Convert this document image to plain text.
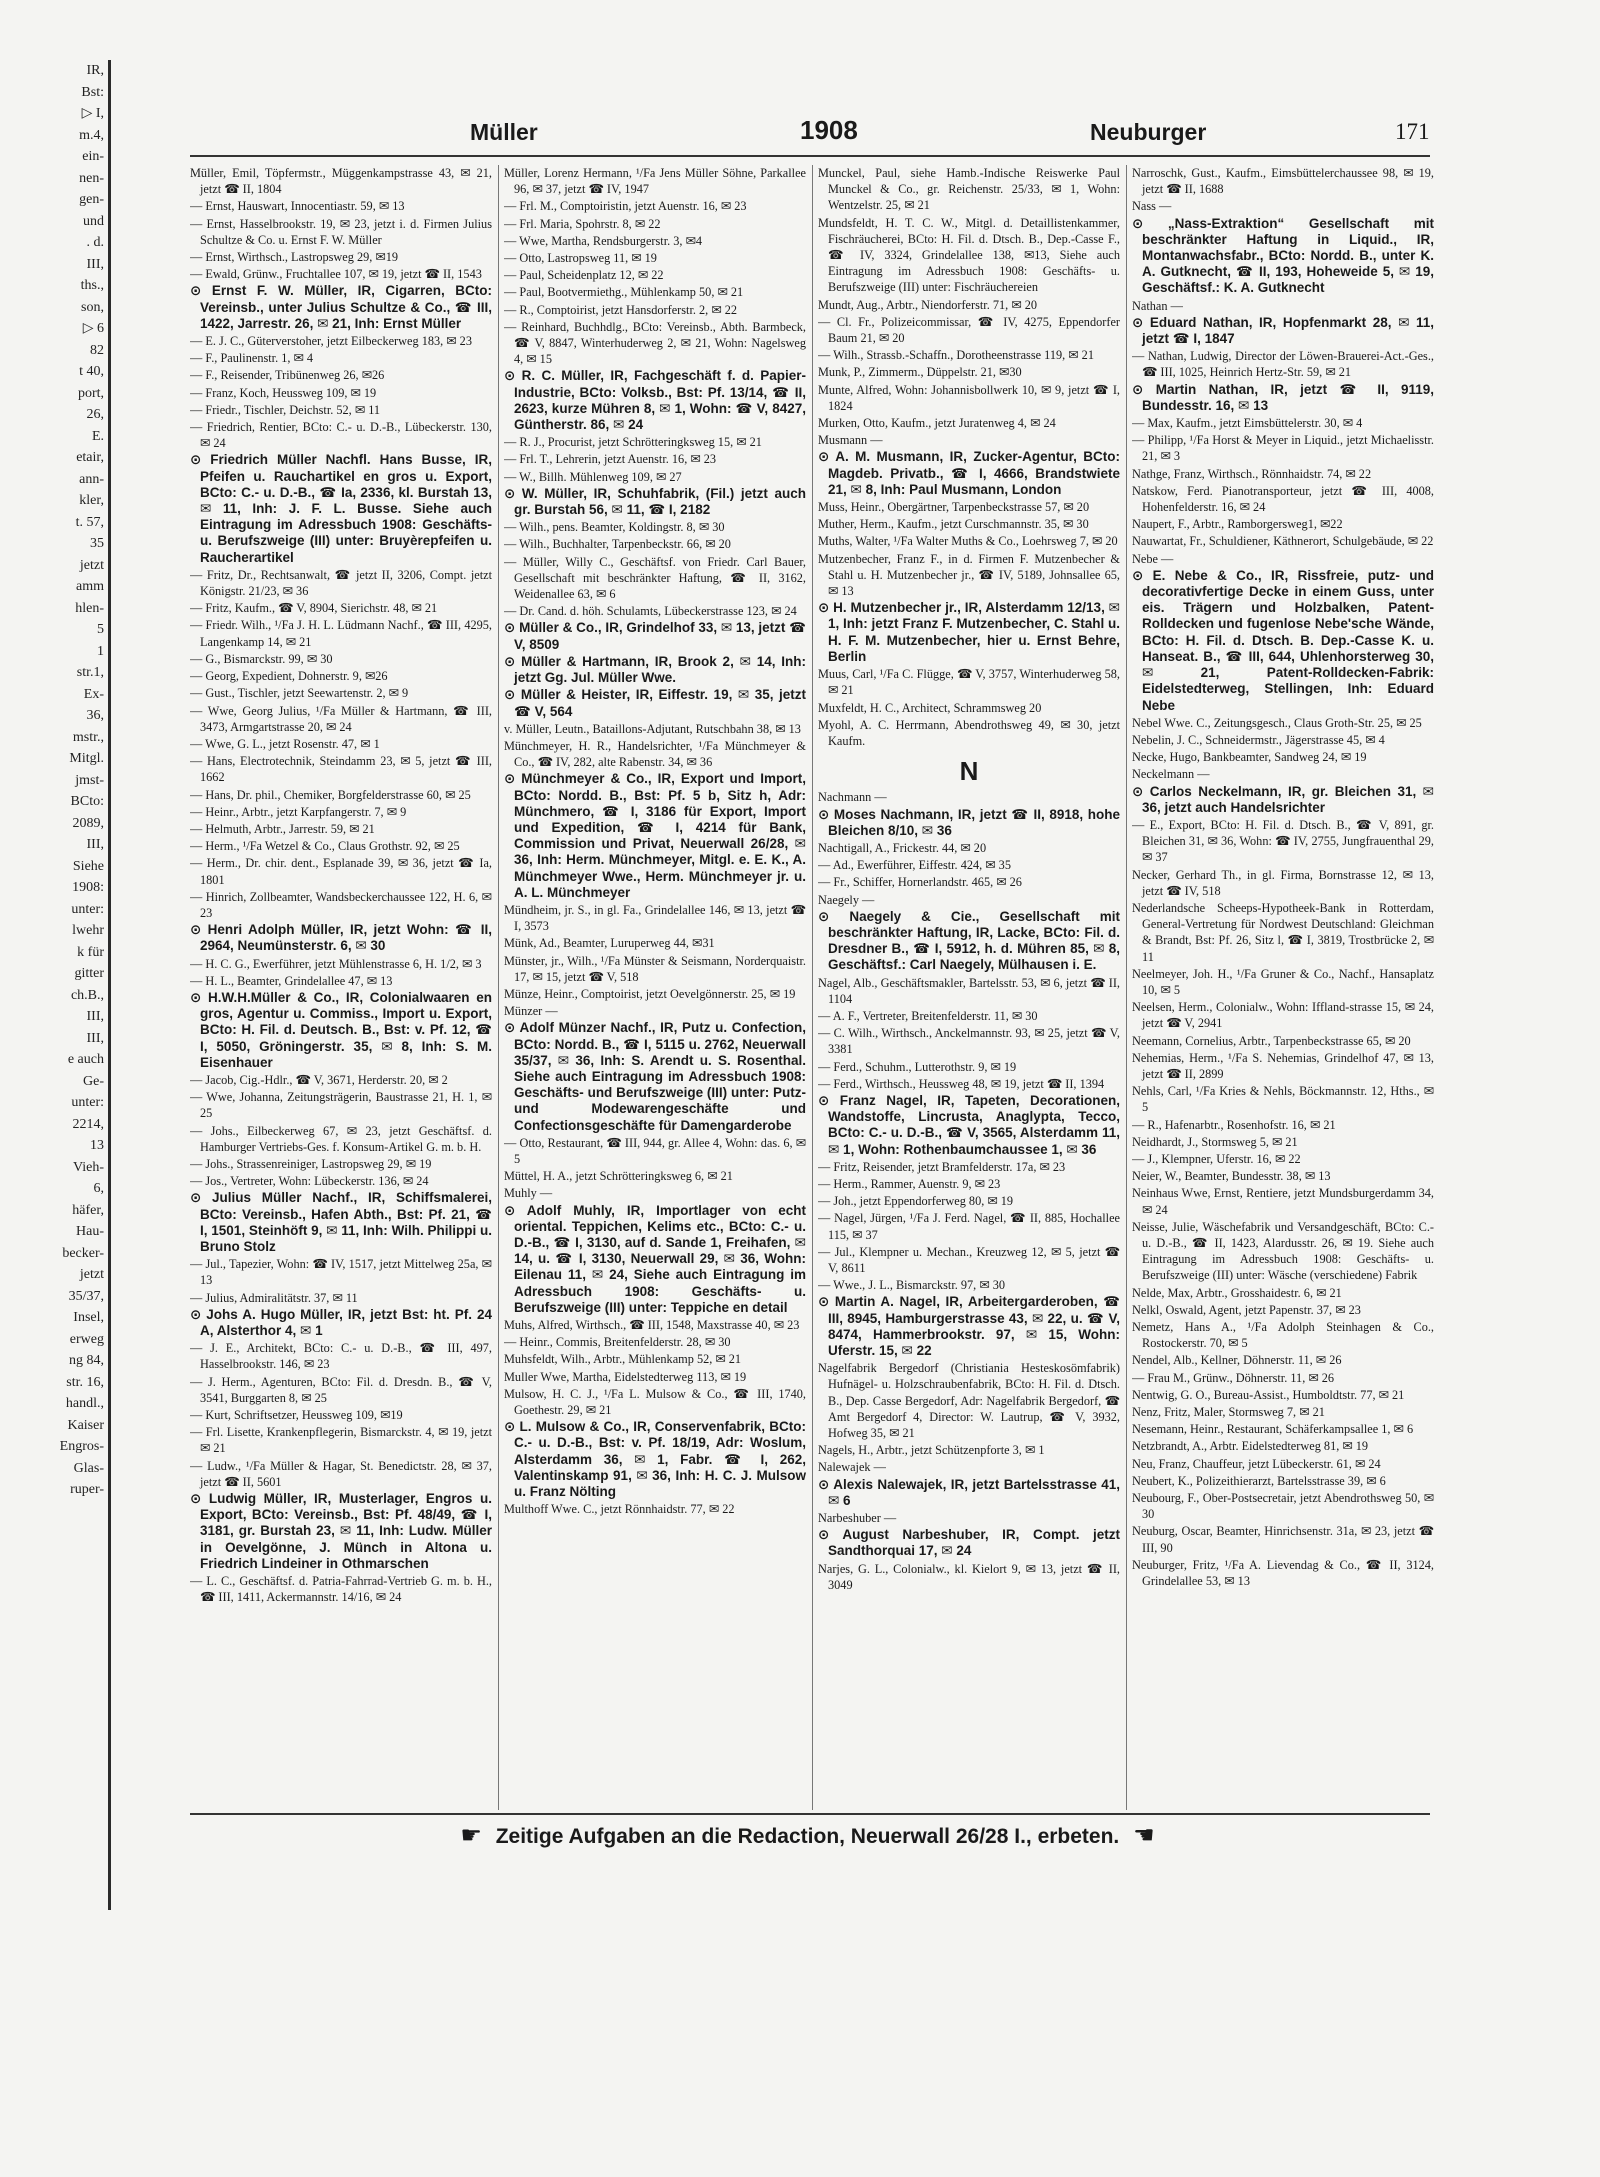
IR,
Bst:
▷ I,
m.4,
ein-
nen-
gen-
und
. d.
III,
ths.,
son,
▷ 6
82
t 40,
port,
26,
E.
etair,
ann-
kler,
t. 57,
35
jetzt
amm
hlen-
5
1
str.1,
Ex-
36,
mstr.,
Mitgl.
jmst-
BCto:
2089,
III,
Siehe
1908:
unter:
lwehr
k für
gitter
ch.B.,
III,
III,
e auch
Ge-
unter:
2214,
13
Vieh-
6,
häfer,
Hau-
becker-
jetzt
35/37,
Insel,
erweg
ng 84,
str. 16,
handl.,
Kaiser
Engros-
Glas-
ruper-
Müller	1908	Neuburger	171
Müller, Emil, Töpfermstr., Müggenkampstrasse 43, ✉ 21, jetzt ☎ II, 1804
— Ernst, Hauswart, Innocentiastr. 59, ✉ 13
— Ernst, Hasselbrookstr. 19, ✉ 23, jetzt i. d. Firmen Julius Schultze & Co. u. Ernst F. W. Müller
— Ernst, Wirthsch., Lastropsweg 29, ✉19
— Ewald, Grünw., Fruchtallee 107, ✉ 19, jetzt ☎ II, 1543
⊙ Ernst F. W. Müller, IR, Cigarren, BCto: Vereinsb., unter Julius Schultze & Co., ☎ III, 1422, Jarrestr. 26, ✉ 21, Inh: Ernst Müller
— E. J. C., Güterverstoher, jetzt Eilbeckerweg 183, ✉ 23
— F., Paulinenstr. 1, ✉ 4
— F., Reisender, Tribünenweg 26, ✉26
— Franz, Koch, Heussweg 109, ✉ 19
— Friedr., Tischler, Deichstr. 52, ✉ 11
— Friedrich, Rentier, BCto: C.- u. D.-B., Lübeckerstr. 130, ✉ 24
⊙ Friedrich Müller Nachfl. Hans Busse, IR, Pfeifen u. Rauchartikel en gros u. Export, BCto: C.- u. D.-B., ☎ Ia, 2336, kl. Burstah 13, ✉ 11, Inh: J. F. L. Busse. Siehe auch Eintragung im Adressbuch 1908: Geschäfts- u. Berufszweige (III) unter: Bruyèrepfeifen u. Raucherartikel
— Fritz, Dr., Rechtsanwalt, ☎ jetzt II, 3206, Compt. jetzt Königstr. 21/23, ✉ 36
— Fritz, Kaufm., ☎ V, 8904, Sierichstr. 48, ✉ 21
— Friedr. Wilh., ¹/Fa J. H. L. Lüdmann Nachf., ☎ III, 4295, Langenkamp 14, ✉ 21
— G., Bismarckstr. 99, ✉ 30
— Georg, Expedient, Dohnerstr. 9, ✉26
— Gust., Tischler, jetzt Seewartenstr. 2, ✉ 9
— Wwe, Georg Julius, ¹/Fa Müller & Hartmann, ☎ III, 3473, Armgartstrasse 20, ✉ 24
— Wwe, G. L., jetzt Rosenstr. 47, ✉ 1
— Hans, Electrotechnik, Steindamm 23, ✉ 5, jetzt ☎ III, 1662
— Hans, Dr. phil., Chemiker, Borgfelderstrasse 60, ✉ 25
— Heinr., Arbtr., jetzt Karpfangerstr. 7, ✉ 9
— Helmuth, Arbtr., Jarrestr. 59, ✉ 21
— Herm., ¹/Fa Wetzel & Co., Claus Grothstr. 92, ✉ 25
— Herm., Dr. chir. dent., Esplanade 39, ✉ 36, jetzt ☎ Ia, 1801
— Hinrich, Zollbeamter, Wandsbeckerchaussee 122, H. 6, ✉ 23
⊙ Henri Adolph Müller, IR, jetzt Wohn: ☎ II, 2964, Neumünsterstr. 6, ✉ 30
— H. C. G., Ewerführer, jetzt Mühlenstrasse 6, H. 1/2, ✉ 3
— H. L., Beamter, Grindelallee 47, ✉ 13
⊙ H.W.H.Müller & Co., IR, Colonialwaaren en gros, Agentur u. Commiss., Import u. Export, BCto: H. Fil. d. Deutsch. B., Bst: v. Pf. 12, ☎ I, 5050, Gröningerstr. 35, ✉ 8, Inh: S. M. Eisenhauer
— Jacob, Cig.-Hdlr., ☎ V, 3671, Herderstr. 20, ✉ 2
— Wwe, Johanna, Zeitungsträgerin, Baustrasse 21, H. 1, ✉ 25
— Johs., Eilbeckerweg 67, ✉ 23, jetzt Geschäftsf. d. Hamburger Vertriebs-Ges. f. Konsum-Artikel G. m. b. H.
— Johs., Strassenreiniger, Lastropsweg 29, ✉ 19
— Jos., Vertreter, Wohn: Lübeckerstr. 136, ✉ 24
⊙ Julius Müller Nachf., IR, Schiffsmalerei, BCto: Vereinsb., Hafen Abth., Bst: Pf. 21, ☎ I, 1501, Steinhöft 9, ✉ 11, Inh: Wilh. Philippi u. Bruno Stolz
— Jul., Tapezier, Wohn: ☎ IV, 1517, jetzt Mittelweg 25a, ✉ 13
— Julius, Admiralitätstr. 37, ✉ 11
⊙ Johs A. Hugo Müller, IR, jetzt Bst: ht. Pf. 24 A, Alsterthor 4, ✉ 1
— J. E., Architekt, BCto: C.- u. D.-B., ☎ III, 497, Hasselbrookstr. 146, ✉ 23
— J. Herm., Agenturen, BCto: Fil. d. Dresdn. B., ☎ V, 3541, Burggarten 8, ✉ 25
— Kurt, Schriftsetzer, Heussweg 109, ✉19
— Frl. Lisette, Krankenpflegerin, Bismarckstr. 4, ✉ 19, jetzt ✉ 21
— Ludw., ¹/Fa Müller & Hagar, St. Benedictstr. 28, ✉ 37, jetzt ☎ II, 5601
⊙ Ludwig Müller, IR, Musterlager, Engros u. Export, BCto: Vereinsb., Bst: Pf. 48/49, ☎ I, 3181, gr. Burstah 23, ✉ 11, Inh: Ludw. Müller in Oevelgönne, J. Münch in Altona u. Friedrich Lindeiner in Othmarschen
— L. C., Geschäftsf. d. Patria-Fahrrad-Vertrieb G. m. b. H., ☎ III, 1411, Ackermannstr. 14/16, ✉ 24
Müller, Lorenz Hermann, ¹/Fa Jens Müller Söhne, Parkallee 96, ✉ 37, jetzt ☎ IV, 1947
— Frl. M., Comptoiristin, jetzt Auenstr. 16, ✉ 23
— Frl. Maria, Spohrstr. 8, ✉ 22
— Wwe, Martha, Rendsburgerstr. 3, ✉4
— Otto, Lastropsweg 11, ✉ 19
— Paul, Scheidenplatz 12, ✉ 22
— Paul, Bootvermiethg., Mühlenkamp 50, ✉ 21
— R., Comptoirist, jetzt Hansdorferstr. 2, ✉ 22
— Reinhard, Buchhdlg., BCto: Vereinsb., Abth. Barmbeck, ☎ V, 8847, Winterhuderweg 2, ✉ 21, Wohn: Nagelsweg 4, ✉ 15
⊙ R. C. Müller, IR, Fachgeschäft f. d. Papier-Industrie, BCto: Volksb., Bst: Pf. 13/14, ☎ II, 2623, kurze Mühren 8, ✉ 1, Wohn: ☎ V, 8427, Güntherstr. 86, ✉ 24
— R. J., Procurist, jetzt Schrötteringksweg 15, ✉ 21
— Frl. T., Lehrerin, jetzt Auenstr. 16, ✉ 23
— W., Billh. Mühlenweg 109, ✉ 27
⊙ W. Müller, IR, Schuhfabrik, (Fil.) jetzt auch gr. Burstah 56, ✉ 11, ☎ I, 2182
— Wilh., pens. Beamter, Koldingstr. 8, ✉ 30
— Wilh., Buchhalter, Tarpenbeckstr. 66, ✉ 20
— Müller, Willy C., Geschäftsf. von Friedr. Carl Bauer, Gesellschaft mit beschränkter Haftung, ☎ II, 3162, Weidenallee 63, ✉ 6
— Dr. Cand. d. höh. Schulamts, Lübeckerstrasse 123, ✉ 24
⊙ Müller & Co., IR, Grindelhof 33, ✉ 13, jetzt ☎ V, 8509
⊙ Müller & Hartmann, IR, Brook 2, ✉ 14, Inh: jetzt Gg. Jul. Müller Wwe.
⊙ Müller & Heister, IR, Eiffestr. 19, ✉ 35, jetzt ☎ V, 564
v. Müller, Leutn., Bataillons-Adjutant, Rutschbahn 38, ✉ 13
Münchmeyer, H. R., Handelsrichter, ¹/Fa Münchmeyer & Co., ☎ IV, 282, alte Rabenstr. 34, ✉ 36
⊙ Münchmeyer & Co., IR, Export und Import, BCto: Nordd. B., Bst: Pf. 5 b, Sitz h, Adr: Münchmero, ☎ I, 3186 für Export, Import und Expedition, ☎ I, 4214 für Bank, Commission und Privat, Neuerwall 26/28, ✉ 36, Inh: Herm. Münchmeyer, Mitgl. e. E. K., A. Münchmeyer Wwe., Herm. Münchmeyer jr. u. A. L. Münchmeyer
Mündheim, jr. S., in gl. Fa., Grindelallee 146, ✉ 13, jetzt ☎ I, 3573
Münk, Ad., Beamter, Luruperweg 44, ✉31
Münster, jr., Wilh., ¹/Fa Münster & Seismann, Norderquaistr. 17, ✉ 15, jetzt ☎ V, 518
Münze, Heinr., Comptoirist, jetzt Oevelgönnerstr. 25, ✉ 19
Münzer —
⊙ Adolf Münzer Nachf., IR, Putz u. Confection, BCto: Nordd. B., ☎ I, 5115 u. 2762, Neuerwall 35/37, ✉ 36, Inh: S. Arendt u. S. Rosenthal. Siehe auch Eintragung im Adressbuch 1908: Geschäfts- und Berufszweige (III) unter: Putz- und Modewarengeschäfte und Confectionsgeschäfte für Damengarderobe
— Otto, Restaurant, ☎ III, 944, gr. Allee 4, Wohn: das. 6, ✉ 5
Müttel, H. A., jetzt Schrötteringksweg 6, ✉ 21
Muhly —
⊙ Adolf Muhly, IR, Importlager von echt oriental. Teppichen, Kelims etc., BCto: C.- u. D.-B., ☎ I, 3130, auf d. Sande 1, Freihafen, ✉ 14, u. ☎ I, 3130, Neuerwall 29, ✉ 36, Wohn: Eilenau 11, ✉ 24, Siehe auch Eintragung im Adressbuch 1908: Geschäfts- u. Berufszweige (III) unter: Teppiche en detail
Muhs, Alfred, Wirthsch., ☎ III, 1548, Maxstrasse 40, ✉ 23
— Heinr., Commis, Breitenfelderstr. 28, ✉ 30
Muhsfeldt, Wilh., Arbtr., Mühlenkamp 52, ✉ 21
Muller Wwe, Martha, Eidelstedterweg 113, ✉ 19
Mulsow, H. C. J., ¹/Fa L. Mulsow & Co., ☎ III, 1740, Goethestr. 29, ✉ 21
⊙ L. Mulsow & Co., IR, Conservenfabrik, BCto: C.- u. D.-B., Bst: v. Pf. 18/19, Adr: Woslum, Alsterdamm 36, ✉ 1, Fabr. ☎ I, 262, Valentinskamp 91, ✉ 36, Inh: H. C. J. Mulsow u. Franz Nölting
Multhoff Wwe. C., jetzt Rönnhaidstr. 77, ✉ 22
Munckel, Paul, siehe Hamb.-Indische Reiswerke Paul Munckel & Co., gr. Reichenstr. 25/33, ✉ 1, Wohn: Wentzelstr. 25, ✉ 21
Mundsfeldt, H. T. C. W., Mitgl. d. Detaillistenkammer, Fischräucherei, BCto: H. Fil. d. Dtsch. B., Dep.-Casse F., ☎ IV, 3324, Grindelallee 138, ✉13, Siehe auch Eintragung im Adressbuch 1908: Geschäfts- u. Berufszweige (III) unter: Fischräuchereien
Mundt, Aug., Arbtr., Niendorferstr. 71, ✉ 20
— Cl. Fr., Polizeicommissar, ☎ IV, 4275, Eppendorfer Baum 21, ✉ 20
— Wilh., Strassb.-Schaffn., Dorotheenstrasse 119, ✉ 21
Munk, P., Zimmerm., Düppelstr. 21, ✉30
Munte, Alfred, Wohn: Johannisbollwerk 10, ✉ 9, jetzt ☎ I, 1824
Murken, Otto, Kaufm., jetzt Juratenweg 4, ✉ 24
Musmann —
⊙ A. M. Musmann, IR, Zucker-Agentur, BCto: Magdeb. Privatb., ☎ I, 4666, Brandstwiete 21, ✉ 8, Inh: Paul Musmann, London
Muss, Heinr., Obergärtner, Tarpenbeckstrasse 57, ✉ 20
Muther, Herm., Kaufm., jetzt Curschmannstr. 35, ✉ 30
Muths, Walter, ¹/Fa Walter Muths & Co., Loehrsweg 7, ✉ 20
Mutzenbecher, Franz F., in d. Firmen F. Mutzenbecher & Stahl u. H. Mutzenbecher jr., ☎ IV, 5189, Johnsallee 65, ✉ 13
⊙ H. Mutzenbecher jr., IR, Alsterdamm 12/13, ✉ 1, Inh: jetzt Franz F. Mutzenbecher, C. Stahl u. H. F. M. Mutzenbecher, hier u. Ernst Behre, Berlin
Muus, Carl, ¹/Fa C. Flügge, ☎ V, 3757, Winterhuderweg 58, ✉ 21
Muxfeldt, H. C., Architect, Schrammsweg 20
Myohl, A. C. Herrmann, Abendrothsweg 49, ✉ 30, jetzt Kaufm.
N
Nachmann —
⊙ Moses Nachmann, IR, jetzt ☎ II, 8918, hohe Bleichen 8/10, ✉ 36
Nachtigall, A., Frickestr. 44, ✉ 20
— Ad., Ewerführer, Eiffestr. 424, ✉ 35
— Fr., Schiffer, Hornerlandstr. 465, ✉ 26
Naegely —
⊙ Naegely & Cie., Gesellschaft mit beschränkter Haftung, IR, Lacke, BCto: Fil. d. Dresdner B., ☎ I, 5912, h. d. Mühren 85, ✉ 8, Geschäftsf.: Carl Naegely, Mülhausen i. E.
Nagel, Alb., Geschäftsmakler, Bartelsstr. 53, ✉ 6, jetzt ☎ II, 1104
— A. F., Vertreter, Breitenfelderstr. 11, ✉ 30
— C. Wilh., Wirthsch., Anckelmannstr. 93, ✉ 25, jetzt ☎ V, 3381
— Ferd., Schuhm., Lutterothstr. 9, ✉ 19
— Ferd., Wirthsch., Heussweg 48, ✉ 19, jetzt ☎ II, 1394
⊙ Franz Nagel, IR, Tapeten, Decorationen, Wandstoffe, Lincrusta, Anaglypta, Tecco, BCto: C.- u. D.-B., ☎ V, 3565, Alsterdamm 11, ✉ 1, Wohn: Rothenbaumchaussee 1, ✉ 36
— Fritz, Reisender, jetzt Bramfelderstr. 17a, ✉ 23
— Herm., Rammer, Auenstr. 9, ✉ 23
— Joh., jetzt Eppendorferweg 80, ✉ 19
— Nagel, Jürgen, ¹/Fa J. Ferd. Nagel, ☎ II, 885, Hochallee 115, ✉ 37
— Jul., Klempner u. Mechan., Kreuzweg 12, ✉ 5, jetzt ☎ V, 8611
— Wwe., J. L., Bismarckstr. 97, ✉ 30
⊙ Martin A. Nagel, IR, Arbeitergarderoben, ☎ III, 8945, Hamburgerstrasse 43, ✉ 22, u. ☎ V, 8474, Hammerbrookstr. 97, ✉ 15, Wohn: Uferstr. 15, ✉ 22
Nagelfabrik Bergedorf (Christiania Hesteskosömfabrik) Hufnägel- u. Holzschraubenfabrik, BCto: H. Fil. d. Dtsch. B., Dep. Casse Bergedorf, Adr: Nagelfabrik Bergedorf, ☎ Amt Bergedorf 4, Director: W. Lautrup, ☎ V, 3932, Hofweg 35, ✉ 21
Nagels, H., Arbtr., jetzt Schützenpforte 3, ✉ 1
Nalewajek —
⊙ Alexis Nalewajek, IR, jetzt Bartelsstrasse 41, ✉ 6
Narbeshuber —
⊙ August Narbeshuber, IR, Compt. jetzt Sandthorquai 17, ✉ 24
Narjes, G. L., Colonialw., kl. Kielort 9, ✉ 13, jetzt ☎ II, 3049
Narroschk, Gust., Kaufm., Eimsbüttelerchaussee 98, ✉ 19, jetzt ☎ II, 1688
Nass —
⊙ „Nass-Extraktion“ Gesellschaft mit beschränkter Haftung in Liquid., IR, Montanwachsfabr., BCto: Nordd. B., unter K. A. Gutknecht, ☎ II, 193, Hoheweide 5, ✉ 19, Geschäftsf.: K. A. Gutknecht
Nathan —
⊙ Eduard Nathan, IR, Hopfenmarkt 28, ✉ 11, jetzt ☎ I, 1847
— Nathan, Ludwig, Director der Löwen-Brauerei-Act.-Ges., ☎ III, 1025, Heinrich Hertz-Str. 59, ✉ 21
⊙ Martin Nathan, IR, jetzt ☎ II, 9119, Bundesstr. 16, ✉ 13
— Max, Kaufm., jetzt Eimsbüttelerstr. 30, ✉ 4
— Philipp, ¹/Fa Horst & Meyer in Liquid., jetzt Michaelisstr. 21, ✉ 3
Nathge, Franz, Wirthsch., Rönnhaidstr. 74, ✉ 22
Natskow, Ferd. Pianotransporteur, jetzt ☎ III, 4008, Hohenfelderstr. 16, ✉ 24
Naupert, F., Arbtr., Ramborgersweg1, ✉22
Nauwartat, Fr., Schuldiener, Käthnerort, Schulgebäude, ✉ 22
Nebe —
⊙ E. Nebe & Co., IR, Rissfreie, putz- und decorativfertige Decke in einem Guss, unter eis. Trägern und Holzbalken, Patent-Rolldecken und fugenlose Nebe'sche Wände, BCto: H. Fil. d. Dtsch. B. Dep.-Casse K. u. Hanseat. B., ☎ III, 644, Uhlenhorsterweg 30, ✉ 21, Patent-Rolldecken-Fabrik: Eidelstedterweg, Stellingen, Inh: Eduard Nebe
Nebel Wwe. C., Zeitungsgesch., Claus Groth-Str. 25, ✉ 25
Nebelin, J. C., Schneidermstr., Jägerstrasse 45, ✉ 4
Necke, Hugo, Bankbeamter, Sandweg 24, ✉ 19
Neckelmann —
⊙ Carlos Neckelmann, IR, gr. Bleichen 31, ✉ 36, jetzt auch Handelsrichter
— E., Export, BCto: H. Fil. d. Dtsch. B., ☎ V, 891, gr. Bleichen 31, ✉ 36, Wohn: ☎ IV, 2755, Jungfrauenthal 29, ✉ 37
Necker, Gerhard Th., in gl. Firma, Bornstrasse 12, ✉ 13, jetzt ☎ IV, 518
Nederlandsche Scheeps-Hypotheek-Bank in Rotterdam, General-Vertretung für Nordwest Deutschland: Gleichman & Brandt, Bst: Pf. 26, Sitz l, ☎ I, 3819, Trostbrücke 2, ✉ 11
Neelmeyer, Joh. H., ¹/Fa Gruner & Co., Nachf., Hansaplatz 10, ✉ 5
Neelsen, Herm., Colonialw., Wohn: Iffland-strasse 15, ✉ 24, jetzt ☎ V, 2941
Neemann, Cornelius, Arbtr., Tarpenbeckstrasse 65, ✉ 20
Nehemias, Herm., ¹/Fa S. Nehemias, Grindelhof 47, ✉ 13, jetzt ☎ II, 2899
Nehls, Carl, ¹/Fa Kries & Nehls, Böckmannstr. 12, Hths., ✉ 5
— R., Hafenarbtr., Rosenhofstr. 16, ✉ 21
Neidhardt, J., Stormsweg 5, ✉ 21
— J., Klempner, Uferstr. 16, ✉ 22
Neier, W., Beamter, Bundesstr. 38, ✉ 13
Neinhaus Wwe, Ernst, Rentiere, jetzt Mundsburgerdamm 34, ✉ 24
Neisse, Julie, Wäschefabrik und Versandgeschäft, BCto: C.- u. D.-B., ☎ II, 1423, Alardusstr. 26, ✉ 19. Siehe auch Eintragung im Adressbuch 1908: Geschäfts- u. Berufszweige (III) unter: Wäsche (verschiedene) Fabrik
Nelde, Max, Arbtr., Grosshaidestr. 6, ✉ 21
Nelkl, Oswald, Agent, jetzt Papenstr. 37, ✉ 23
Nemetz, Hans A., ¹/Fa Adolph Steinhagen & Co., Rostockerstr. 70, ✉ 5
Nendel, Alb., Kellner, Döhnerstr. 11, ✉ 26
— Frau M., Grünw., Döhnerstr. 11, ✉ 26
Nentwig, G. O., Bureau-Assist., Humboldtstr. 77, ✉ 21
Nenz, Fritz, Maler, Stormsweg 7, ✉ 21
Nesemann, Heinr., Restaurant, Schäferkampsallee 1, ✉ 6
Netzbrandt, A., Arbtr. Eidelstedterweg 81, ✉ 19
Neu, Franz, Chauffeur, jetzt Lübeckerstr. 61, ✉ 24
Neubert, K., Polizeithierarzt, Bartelsstrasse 39, ✉ 6
Neubourg, F., Ober-Postsecretair, jetzt Abendrothsweg 50, ✉ 30
Neuburg, Oscar, Beamter, Hinrichsenstr. 31a, ✉ 23, jetzt ☎ III, 90
Neuburger, Fritz, ¹/Fa A. Lievendag & Co., ☎ II, 3124, Grindelallee 53, ✉ 13
☛ Zeitige Aufgaben an die Redaction, Neuerwall 26/28 I., erbeten. ☚
